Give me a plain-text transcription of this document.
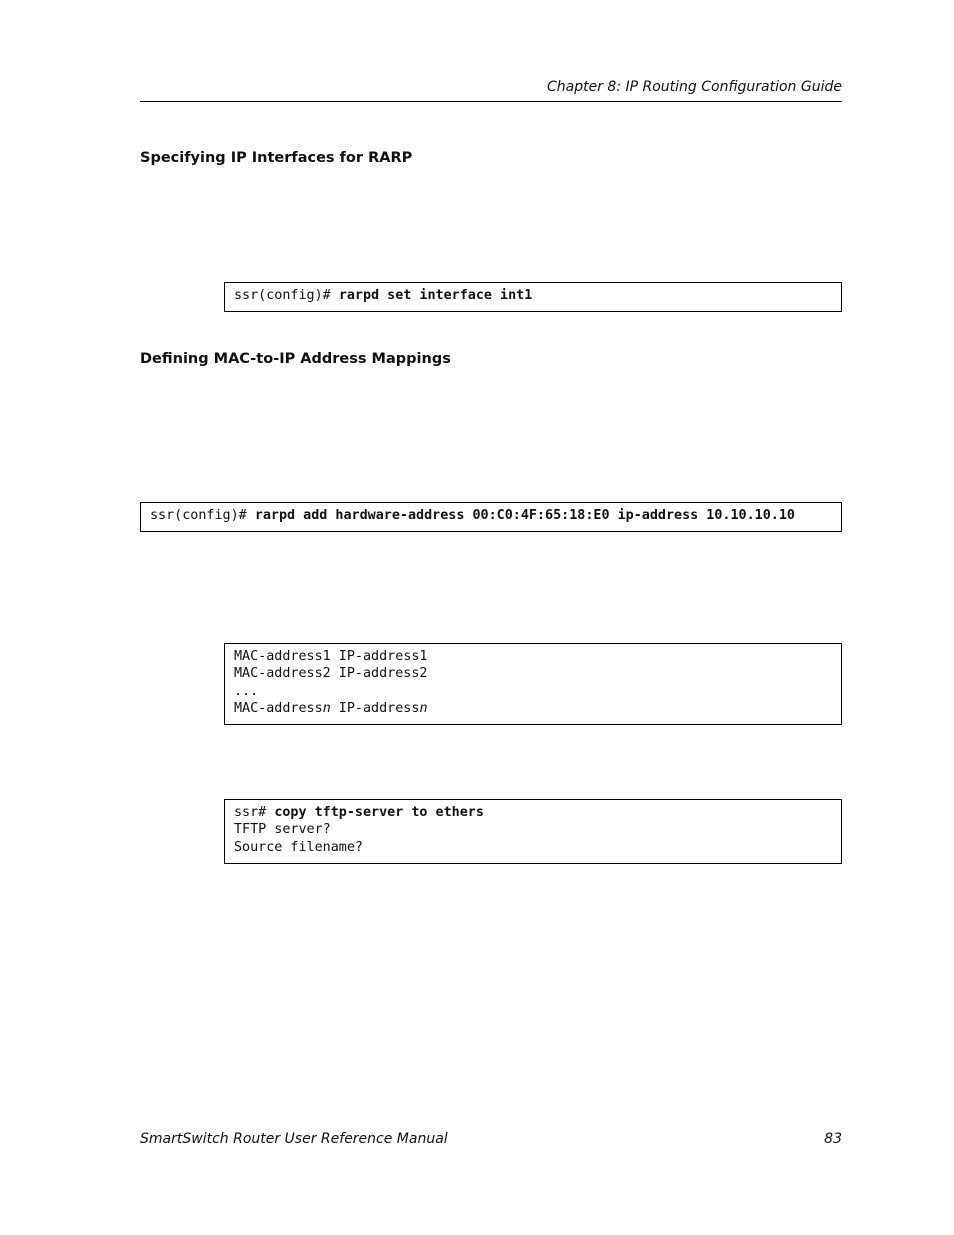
Chapter 8: IP Routing Configuration Guide
Specifying IP Interfaces for RARP
ssr(config)# rarpd set interface int1
Defining MAC-to-IP Address Mappings
ssr(config)# rarpd add hardware-address 00:C0:4F:65:18:E0 ip-address 10.10.10.10
MAC-address1 IP-address1
MAC-address2 IP-address2
...
MAC-addressn IP-addressn
ssr# copy tftp-server to ethers
TFTP server?
Source filename?
SmartSwitch Router User Reference Manual	83
